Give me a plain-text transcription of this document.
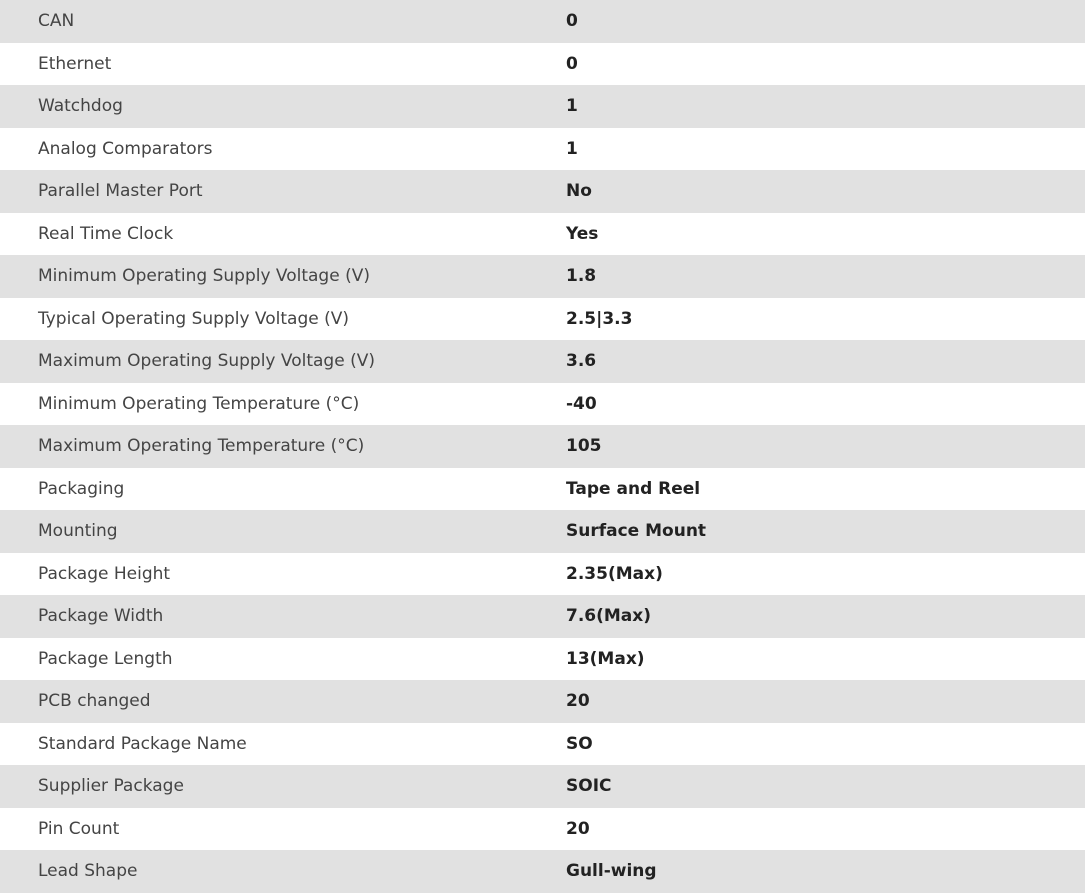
CAN	0
Ethernet	0
Watchdog	1
Analog Comparators	1
Parallel Master Port	No
Real Time Clock	Yes
Minimum Operating Supply Voltage (V)	1.8
Typical Operating Supply Voltage (V)	2.5|3.3
Maximum Operating Supply Voltage (V)	3.6
Minimum Operating Temperature (°C)	-40
Maximum Operating Temperature (°C)	105
Packaging	Tape and Reel
Mounting	Surface Mount
Package Height	2.35(Max)
Package Width	7.6(Max)
Package Length	13(Max)
PCB changed	20
Standard Package Name	SO
Supplier Package	SOIC
Pin Count	20
Lead Shape	Gull-wing
